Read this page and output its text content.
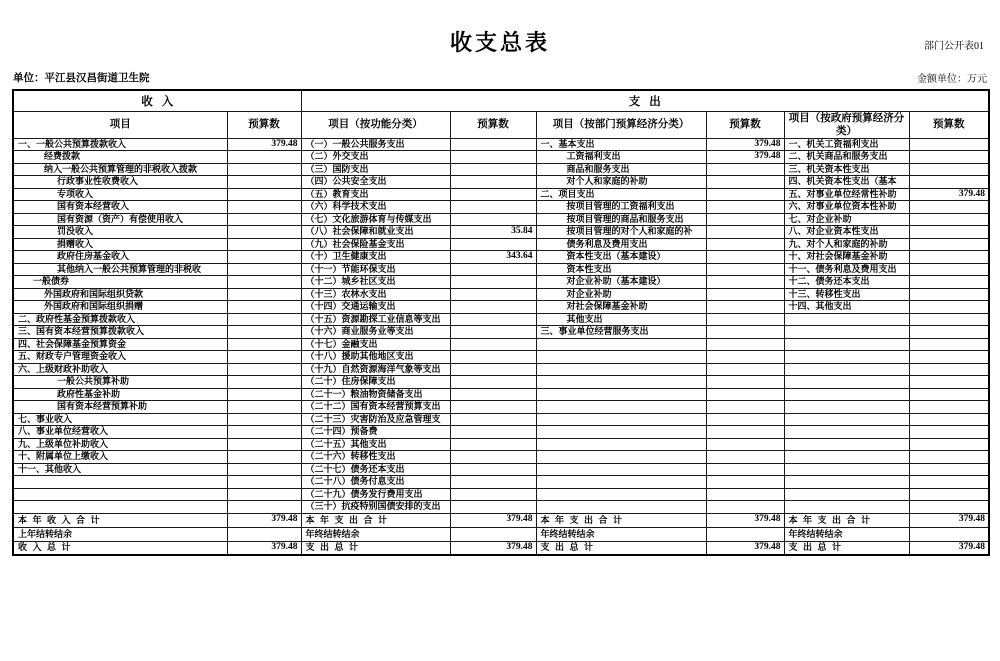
部门公开表01
收支总表
单位：平江县汉昌街道卫生院	金额单位：万元
收入		支出					
项目	预算数	项目（按功能分类）	预算数	项目（按部门预算经济分类）	预算数	项目（按政府预算经济分类）	预算数
一、一般公共预算拨款收入	379.48	（一）一般公共服务支出		一、基本支出	379.48	一、机关工资福利支出	
经费拨款		（二）外交支出		工资福利支出	379.48	二、机关商品和服务支出	
纳入一般公共预算管理的非税收入拨款		（三）国防支出		商品和服务支出		三、机关资本性支出	
行政事业性收费收入		（四）公共安全支出		对个人和家庭的补助		四、机关资本性支出（基本	
专项收入		（五）教育支出		二、项目支出		五、对事业单位经常性补助	379.48
国有资本经营收入		（六）科学技术支出		按项目管理的工资福利支出		六、对事业单位资本性补助	
国有资源（资产）有偿使用收入		（七）文化旅游体育与传媒支出		按项目管理的商品和服务支出		七、对企业补助	
罚没收入		（八）社会保障和就业支出	35.84	按项目管理的对个人和家庭的补		八、对企业资本性支出	
捐赠收入		（九）社会保险基金支出		债务利息及费用支出		九、对个人和家庭的补助	
政府住房基金收入		（十）卫生健康支出	343.64	资本性支出（基本建设）		十、对社会保障基金补助	
其他纳入一般公共预算管理的非税收		（十一）节能环保支出		资本性支出		十一、债务利息及费用支出	
一般债券		（十二）城乡社区支出		对企业补助（基本建设）		十二、债务还本支出	
外国政府和国际组织贷款		（十三）农林水支出		对企业补助		十三、转移性支出	
外国政府和国际组织捐赠		（十四）交通运输支出		对社会保障基金补助		十四、其他支出	
二、政府性基金预算拨款收入		（十五）资源勘探工业信息等支出		其他支出			
三、国有资本经营预算拨款收入		（十六）商业服务业等支出		三、事业单位经营服务支出			
四、社会保障基金预算资金		（十七）金融支出					
五、财政专户管理资金收入		（十八）援助其他地区支出					
六、上级财政补助收入		（十九）自然资源海洋气象等支出					
一般公共预算补助		（二十）住房保障支出					
政府性基金补助		（二十一）粮油物资储备支出					
国有资本经营预算补助		（二十二）国有资本经营预算支出					
七、事业收入		（二十三）灾害防治及应急管理支					
八、事业单位经营收入		（二十四）预备费					
九、上级单位补助收入		（二十五）其他支出					
十、附属单位上缴收入		（二十六）转移性支出					
十一、其他收入		（二十七）债务还本支出					
		（二十八）债务付息支出					
		（二十九）债务发行费用支出					
		（三十）抗疫特别国债安排的支出					
本 年 收 入 合 计	379.48	本 年 支 出 合 计	379.48	本 年 支 出 合 计	379.48	本 年 支 出 合 计	379.48
上年结转结余		年终结转结余		年终结转结余		年终结转结余	
收 入 总 计	379.48	支 出 总 计	379.48	支 出 总 计	379.48	支 出 总 计	379.48
